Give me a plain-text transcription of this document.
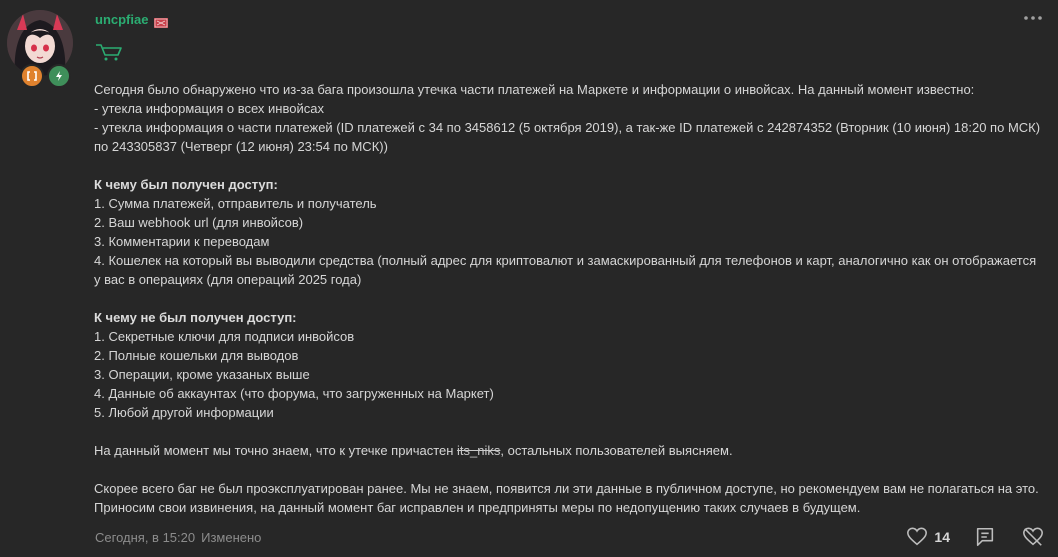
uncpfiae

Сегодня было обнаружено что из-за бага произошла утечка части платежей на Маркете и информации о инвойсах. На данный момент известно:

- утекла информация о всех инвойсах

- утекла информация о части платежей (ID платежей с 34 по 3458612 (5 октября 2019), а так-же ID платежей с 242874352 (Вторник (10 июня) 18:20 по МСК) по 243305837 (Четверг (12 июня) 23:54 по МСК))

К чему был получен доступ:

1. Сумма платежей, отправитель и получатель

2. Ваш webhook url (для инвойсов)

3. Комментарии к переводам

4. Кошелек на который вы выводили средства (полный адрес для криптовалют и замаскированный для телефонов и карт, аналогично как он отображается у вас в операциях (для операций 2025 года)

К чему не был получен доступ:

1. Секретные ключи для подписи инвойсов

2. Полные кошельки для выводов

3. Операции, кроме указаных выше

4. Данные об аккаунтах (что форума, что загруженных на Маркет)

5. Любой другой информации

На данный момент мы точно знаем, что к утечке причастен its_niks, остальных пользователей выясняем.

Скорее всего баг не был проэксплуатирован ранее. Мы не знаем, появится ли эти данные в публичном доступе, но рекомендуем вам не полагаться на это. Приносим свои извинения, на данный момент баг исправлен и предприняты меры по недопущению таких случаев в будущем.

Сегодня, в 15:20 Изменено	14
